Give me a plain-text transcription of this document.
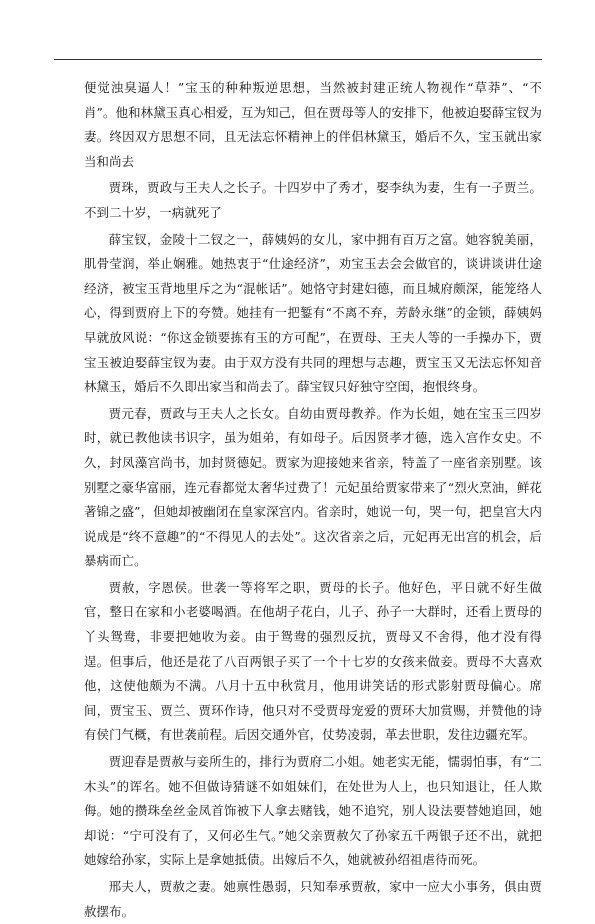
便觉浊臭逼人！”宝玉的种种叛逆思想，当然被封建正统人物视作“草莽”、“不肖”。他和林黛玉真心相爱，互为知己，但在贾母等人的安排下，他被迫娶薛宝钗为妻。终因双方思想不同，且无法忘怀精神上的伴侣林黛玉，婚后不久，宝玉就出家当和尚去

贾珠，贾政与王夫人之长子。十四岁中了秀才，娶李纨为妻，生有一子贾兰。不到二十岁，一病就死了

薛宝钗，金陵十二钗之一，薛姨妈的女儿，家中拥有百万之富。她容貌美丽，肌骨莹润，举止娴雅。她热衷于“仕途经济”，劝宝玉去会会做官的，谈讲谈讲仕途经济，被宝玉背地里斥之为“混帐话”。她恪守封建妇德，而且城府颇深，能笼络人心，得到贾府上下的夸赞。她挂有一把錾有“不离不弃，芳龄永继”的金锁，薛姨妈早就放风说：“你这金锁要拣有玉的方可配”，在贾母、王夫人等的一手操办下，贾宝玉被迫娶薛宝钗为妻。由于双方没有共同的理想与志趣，贾宝玉又无法忘怀知音林黛玉，婚后不久即出家当和尚去了。薛宝钗只好独守空闺，抱恨终身。

贾元春，贾政与王夫人之长女。自幼由贾母教养。作为长姐，她在宝玉三四岁时，就已教他读书识字，虽为姐弟，有如母子。后因贤孝才德，选入宫作女史。不久，封凤藻宫尚书，加封贤德妃。贾家为迎接她来省亲，特盖了一座省亲别墅。该别墅之豪华富丽，连元春都觉太奢华过费了！元妃虽给贾家带来了“烈火烹油，鲜花著锦之盛”，但她却被幽闭在皇家深宫内。省亲时，她说一句，哭一句，把皇宫大内说成是“终不意趣”的“不得见人的去处”。这次省亲之后，元妃再无出宫的机会，后暴病而亡。

贾赦，字恩侯。世袭一等将军之职，贾母的长子。他好色，平日就不好生做官，整日在家和小老婆喝酒。在他胡子花白，儿子、孙子一大群时，还看上贾母的丫头鸳鸯，非要把她收为妾。由于鸳鸯的强烈反抗，贾母又不舍得，他才没有得逞。但事后，他还是花了八百两银子买了一个十七岁的女孩来做妾。贾母不大喜欢他，这使他颇为不满。八月十五中秋赏月，他用讲笑话的形式影射贾母偏心。席间，贾宝玉、贾兰、贾环作诗，他只对不受贾母宠爱的贾环大加赏赐，并赞他的诗有侯门气概，有世袭前程。后因交通外官，仗势凌弱，革去世职，发往边疆充军。

贾迎春是贾赦与妾所生的，排行为贾府二小姐。她老实无能，懦弱怕事，有“二木头”的诨名。她不但做诗猜谜不如姐妹们，在处世为人上，也只知退让，任人欺侮。她的攒珠垒丝金凤首饰被下人拿去赌钱，她不追究，别人设法要替她追回，她却说：“宁可没有了，又何必生气。”她父亲贾赦欠了孙家五千两银子还不出，就把她嫁给孙家，实际上是拿她抵债。出嫁后不久，她就被孙绍祖虐待而死。

邢夫人，贾赦之妻。她禀性愚弱，只知奉承贾赦，家中一应大小事务，俱由贾赦摆布。
